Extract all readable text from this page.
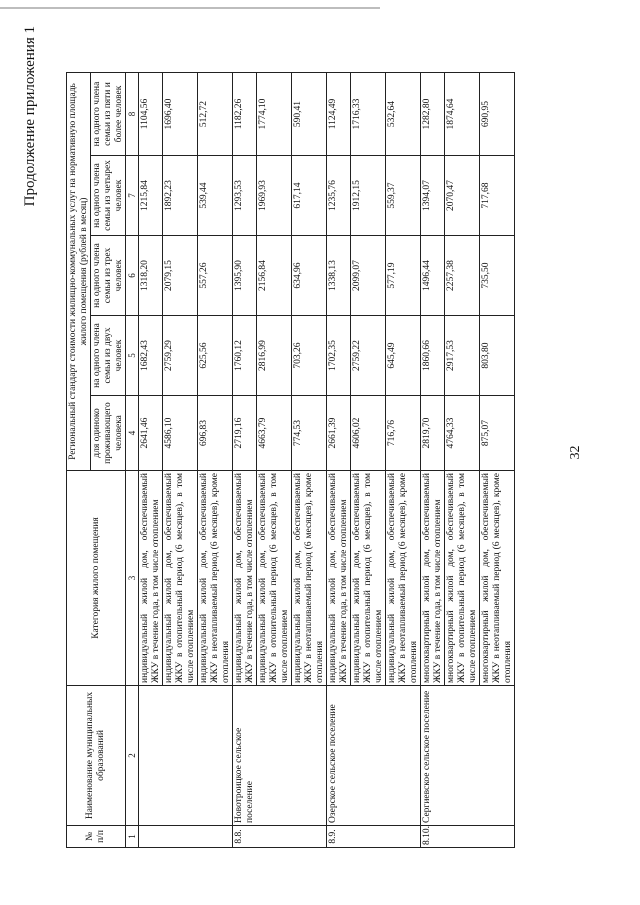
Продолжение приложения 1
№
п/п	Наименование муниципальных образований	Категория жилого помещения	Региональный стандарт стоимости жилищно-коммунальных услуг на нормативную площадь жилого помещения (рублей в месяц)				
			для одиноко проживающего человека	на одного члена семьи из двух человек	на одного члена семьи из трех человек	на одного члена семьи из четырех человек	на одного члена семьи из пяти и более человек
1	2	3	4	5	6	7	8
		индивидуальный жилой дом, обеспечиваемый ЖКУ в течение года, в том числе отоплением	2641,46	1682,43	1318,20	1215,84	1104,56
		индивидуальный жилой дом, обеспечиваемый ЖКУ в отопительный период (6 месяцев), в том числе отоплением	4586,10	2759,29	2079,15	1892,23	1696,40
		индивидуальный жилой дом, обеспечиваемый ЖКУ в неотапливаемый период (6 месяцев), кроме отопления	696,83	625,56	557,26	539,44	512,72
8.8.	Новотроицкое сельское поселение	индивидуальный жилой дом, обеспечиваемый ЖКУ в течение года, в том числе отоплением	2719,16	1760,12	1395,90	1293,53	1182,26
		индивидуальный жилой дом, обеспечиваемый ЖКУ в отопительный период (6 месяцев), в том числе отоплением	4663,79	2816,99	2156,84	1969,93	1774,10
		индивидуальный жилой дом, обеспечиваемый ЖКУ в неотапливаемый период (6 месяцев), кроме отопления	774,53	703,26	634,96	617,14	590,41
8.9.	Озерское сельское поселение	индивидуальный жилой дом, обеспечиваемый ЖКУ в течение года, в том числе отоплением	2661,39	1702,35	1338,13	1235,76	1124,49
		индивидуальный жилой дом, обеспечиваемый ЖКУ в отопительный период (6 месяцев), в том числе отоплением	4606,02	2759,22	2099,07	1912,15	1716,33
		индивидуальный жилой дом, обеспечиваемый ЖКУ в неотапливаемый период (6 месяцев), кроме отопления	716,76	645,49	577,19	559,37	532,64
8.10.	Сергиевское сельское поселение	многоквартирный жилой дом, обеспечиваемый ЖКУ в течение года, в том числе отоплением	2819,70	1860,66	1496,44	1394,07	1282,80
		многоквартирный жилой дом, обеспечиваемый ЖКУ в отопительный период (6 месяцев), в том числе отоплением	4764,33	2917,53	2257,38	2070,47	1874,64
		многоквартирный жилой дом, обеспечиваемый ЖКУ в неотапливаемый период (6 месяцев), кроме отопления	875,07	803,80	735,50	717,68	690,95
32
